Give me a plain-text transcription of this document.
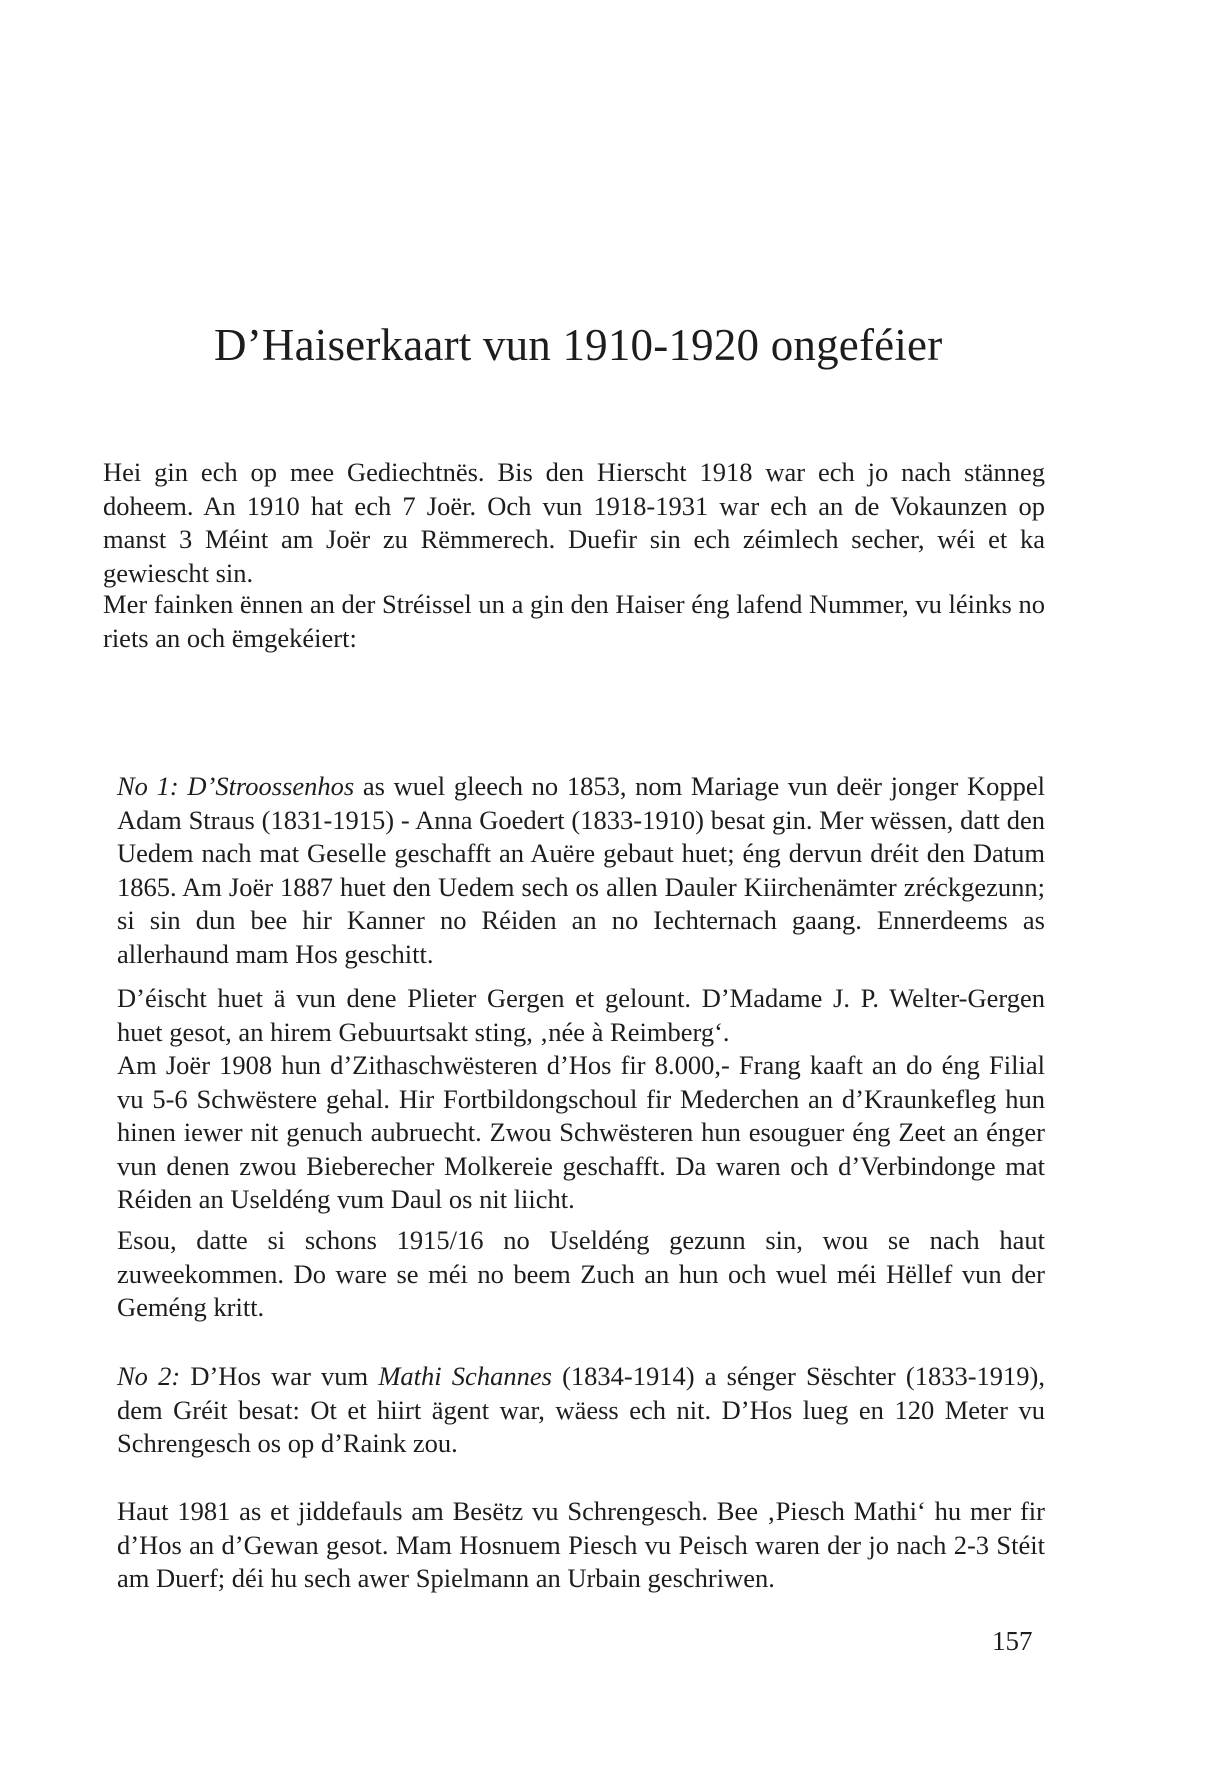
D’Haiserkaart vun 1910-1920 ongeféier

Hei gin ech op mee Gediechtnës. Bis den Hierscht 1918 war ech jo nach stänneg doheem. An 1910 hat ech 7 Joër. Och vun 1918-1931 war ech an de Vokaunzen op manst 3 Méint am Joër zu Rëmmerech. Duefir sin ech zéimlech secher, wéi et ka gewiescht sin.

Mer fainken ënnen an der Stréissel un a gin den Haiser éng lafend Nummer, vu léinks no riets an och ëmgekéiert:

No 1: D’Stroossenhos as wuel gleech no 1853, nom Mariage vun deër jonger Koppel Adam Straus (1831-1915) - Anna Goedert (1833-1910) besat gin. Mer wëssen, datt den Uedem nach mat Geselle geschafft an Auëre gebaut huet; éng dervun dréit den Datum 1865. Am Joër 1887 huet den Uedem sech os allen Dauler Kiirchenämter zréckgezunn; si sin dun bee hir Kanner no Réiden an no Iechternach gaang. Ennerdeems as allerhaund mam Hos geschitt.

D’éischt huet ä vun dene Plieter Gergen et gelount. D’Madame J. P. Welter-Gergen huet gesot, an hirem Gebuurtsakt sting, ‚née à Reimberg‘.

Am Joër 1908 hun d’Zithaschwësteren d’Hos fir 8.000,- Frang kaaft an do éng Filial vu 5-6 Schwëstere gehal. Hir Fortbildongschoul fir Mederchen an d’Kraunkefleg hun hinen iewer nit genuch aubruecht. Zwou Schwësteren hun esouguer éng Zeet an énger vun denen zwou Bieberecher Molkereie geschafft. Da waren och d’Verbindonge mat Réiden an Useldéng vum Daul os nit liicht.

Esou, datte si schons 1915/16 no Useldéng gezunn sin, wou se nach haut zuweekommen. Do ware se méi no beem Zuch an hun och wuel méi Hëllef vun der Geméng kritt.

No 2: D’Hos war vum Mathi Schannes (1834-1914) a sénger Sëschter (1833-1919), dem Gréit besat: Ot et hiirt ägent war, wäess ech nit. D’Hos lueg en 120 Meter vu Schrengesch os op d’Raink zou.

Haut 1981 as et jiddefauls am Besëtz vu Schrengesch. Bee ‚Piesch Mathi‘ hu mer fir d’Hos an d’Gewan gesot. Mam Hosnuem Piesch vu Peisch waren der jo nach 2-3 Stéit am Duerf; déi hu sech awer Spielmann an Urbain geschriwen.

157
